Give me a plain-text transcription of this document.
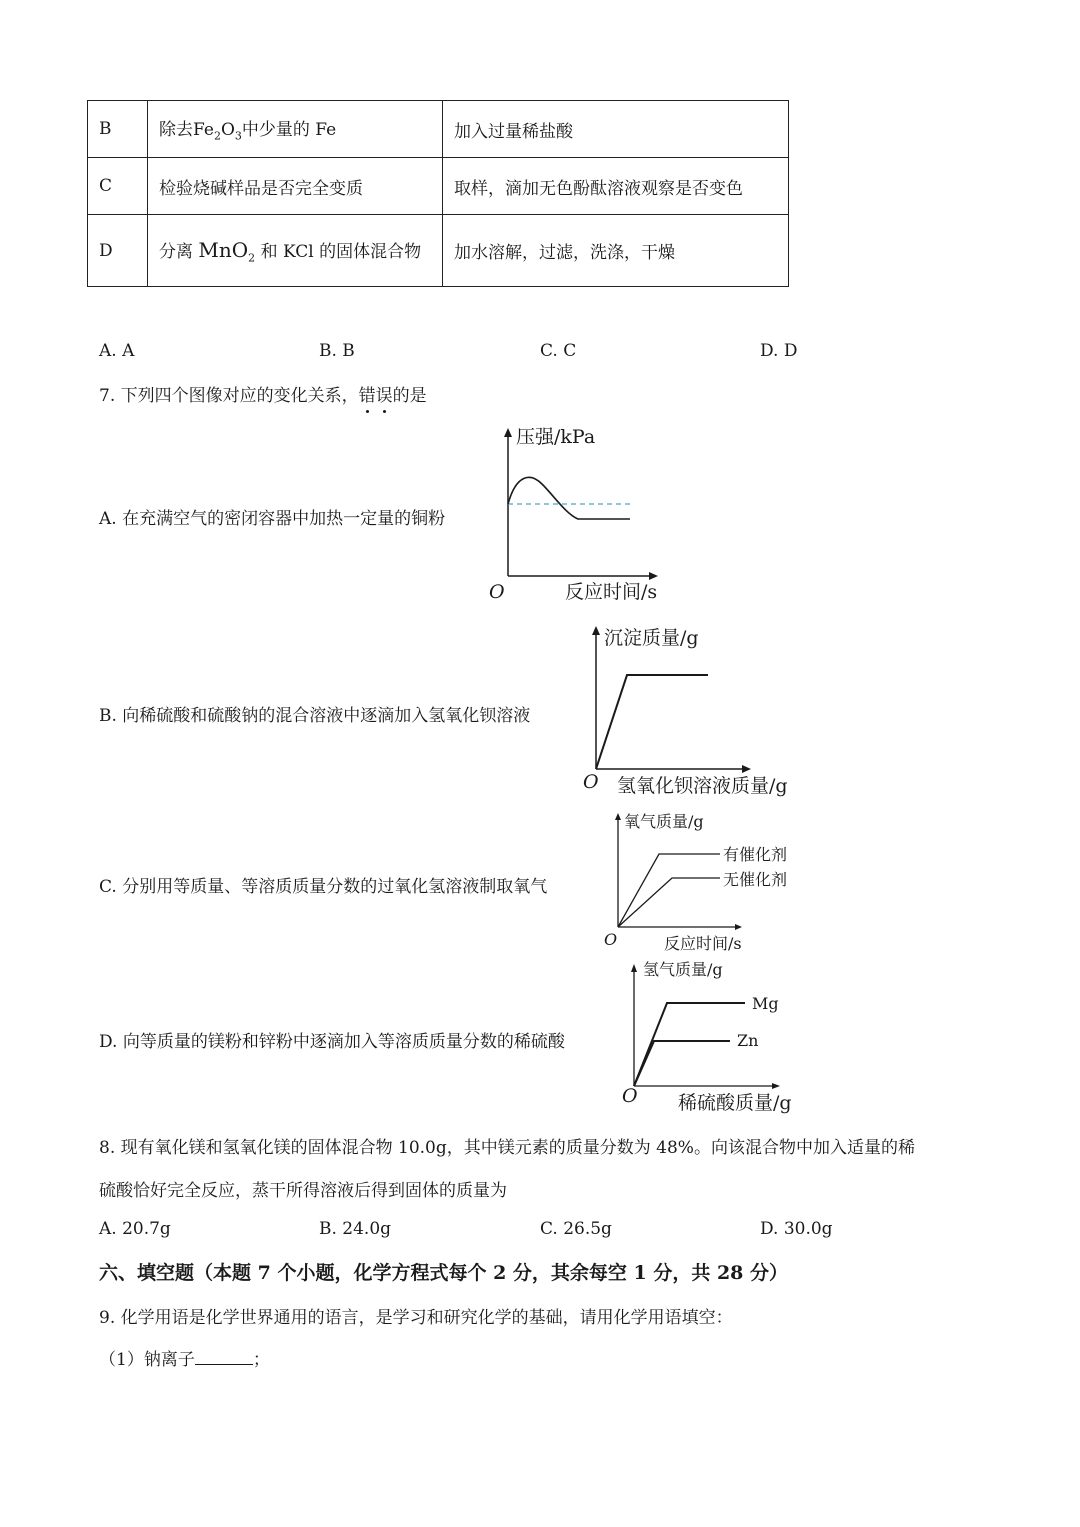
B	除去$Fe_2O_3$中少量的 Fe	加入过量稀盐酸
C	检验烧碱样品是否完全变质	取样，滴加无色酚酞溶液观察是否变色
D	分离 MnO$_2$ 和 KCl 的固体混合物	加水溶解，过滤，洗涤，干燥
A. A	B. B	C. C	D. D
7. 下列四个图像对应的变化关系，错误
的是
A. 在充满空气的密闭容器中加热一定量的铜粉
压强/kPa
反应时间/s
O
B. 向稀硫酸和硫酸钠的混合溶液中逐滴加入氢氧化钡溶液
沉淀质量/g
氢氧化钡溶液质量/g
O
C. 分别用等质量、等溶质质量分数的过氧化氢溶液制取氧气
氧气质量/g
有催化剂
无催化剂
反应时间/s
O
D. 向等质量的镁粉和锌粉中逐滴加入等溶质质量分数的稀硫酸
氢气质量/g
Mg
Zn
稀硫酸质量/g
O
8. 现有氧化镁和氢氧化镁的固体混合物 10.0g，其中镁元素的质量分数为 48%。向该混合物中加入适量的稀
硫酸恰好完全反应，蒸干所得溶液后得到固体的质量为
A. 20.7g	B. 24.0g	C. 26.5g	D. 30.0g
六、填空题（本题 7 个小题，化学方程式每个 2 分，其余每空 1 分，共 28 分）
9. 化学用语是化学世界通用的语言，是学习和研究化学的基础，请用化学用语填空：
（1）钠离子	；
